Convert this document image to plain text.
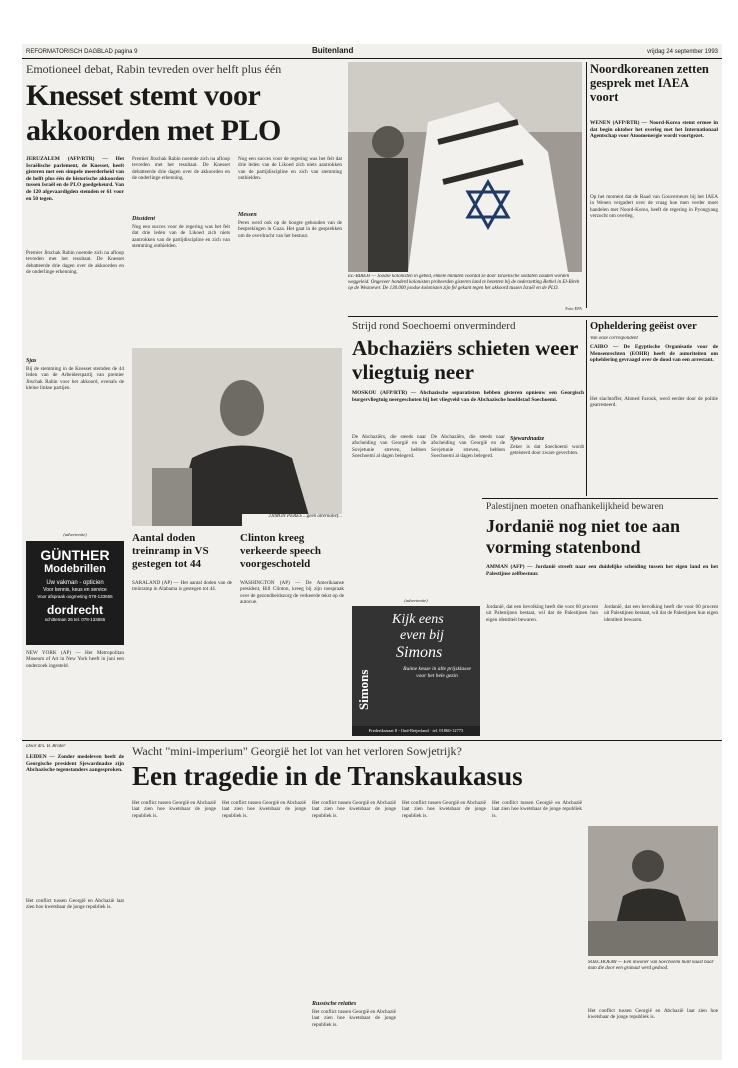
REFORMATORISCH DAGBLAD pagina 9	Buitenland	vrijdag 24 september 1993
Emotioneel debat, Rabin tevreden over helft plus één
Knesset stemt voor akkoorden met PLO
JERUZALEM (AFP/RTR) — Het Israëlische parlement, de Knesset, heeft gisteren met een simpele meerderheid van de helft plus één de historische akkoorden tussen Israël en de PLO goedgekeurd. Van de 120 afgevaardigden stemden er 61 voor en 50 tegen.
Premier Jitschak Rabin noemde zich na afloop tevreden met het resultaat. De Knesset debatteerde drie dagen over de akkoorden en de onderlinge erkenning.
Sjas
Bij de stemming in de Knesset stemden de 44 leden van de Arbeiderspartij van premier Jitschak Rabin voor het akkoord, evenals de kleine linkse partijen.
Premier Jitschak Rabin noemde zich na afloop tevreden met het resultaat. De Knesset debatteerde drie dagen over de akkoorden en de onderlinge erkenning.
Dissident
Nog een succes voor de regering was het feit dat drie leden van de Likoed zich niets aantrokken van de partijdiscipline en zich van stemming onthielden.
Nog een succes voor de regering was het feit dat drie leden van de Likoed zich niets aantrokken van de partijdiscipline en zich van stemming onthielden.
Messen
Peres werd ook op de hoogte gehouden van de besprekingen in Gaza. Het gaat in de gesprekken om de overdracht van het bestuur.
JJIMON PERES ...geen alternatief...
EL-BIREH — Joodse kolonisten in gebed, enkele minuten voordat ze door Israëlische soldaten zouden worden weggeleid. Ongeveer honderd kolonisten probeerden gisteren land te bezetten bij de nederzetting Bethel in El-Bireh op de Westoever. De 130.000 joodse kolonisten zijn fel gekant tegen het akkoord tussen Israël en de PLO.
Foto: EPA
Noordkoreanen zetten gesprek met IAEA voort
WENEN (AFP/RTR) — Noord-Korea stemt ermee in dat begin oktober het overleg met het Internationaal Agentschap voor Atoomenergie wordt voortgezet.
Op het moment dat de Raad van Gouverneurs bij het IAEA in Wenen vergadert over de vraag hoe men verder moet handelen met Noord-Korea, heeft de regering in Pyongyang verzocht om overleg.
Strijd rond Soechoemi onverminderd
Abchaziërs schieten weer vliegtuig neer
MOSKOU (AFP/RTR) — Abchazische separatisten hebben gisteren opnieuw een Georgisch burgervliegtuig neergeschoten bij het vliegveld van de Abchazische hoofdstad Soechoemi.
De Abchaziërs, die steeds naar afscheiding van Georgië en de Sovjetunie streven, hebben Soechoemi al dagen belegerd.
De Abchaziërs, die steeds naar afscheiding van Georgië en de Sovjetunie streven, hebben Soechoemi al dagen belegerd.
Sjewardnadze
Zeker is dat Soechoemi wordt geteisterd door zware gevechten.
Opheldering geëist over
Van onze correspondent
CAIRO — De Egyptische Organisatie voor de Mensenrechten (EOHR) heeft de autoriteiten om opheldering gevraagd over de dood van een arrestant.
Het slachtoffer, Ahmed Farouk, werd eerder door de politie gearresteerd.
Palestijnen moeten onafhankelijkheid bewaren
Jordanië nog niet toe aan vorming statenbond
AMMAN (AFP) — Jordanië streeft naar een duidelijke scheiding tussen het eigen land en het Palestijnse zelfbestuur.
Jordanië, dat een bevolking heeft die voor 60 procent uit Palestijnen bestaat, wil dat de Palestijnen hun eigen identiteit bewaren.
Jordanië, dat een bevolking heeft die voor 60 procent uit Palestijnen bestaat, wil dat de Palestijnen hun eigen identiteit bewaren.
(advertentie)
GÜNTHER
Modebrillen
Uw vakman - opticien
Voor kennis, keus en service
Voor afspraak oogmeting 078-133655
dordrecht
schitteman 26 tel. 078-133655
NEW YORK (AP) — Het Metropolitan Museum of Art in New York heeft in juni een onderzoek ingesteld.
Aantal doden treinramp in VS gestegen tot 44
SARALAND (AP) — Het aantal doden van de treinramp in Alabama is gestegen tot 44.
Clinton kreeg verkeerde speech voorgeschoteld
WASHINGTON (AP) — De Amerikaanse president, Bill Clinton, kreeg bij zijn toespraak over de gezondheidszorg de verkeerde tekst op de autocue.	(advertentie)
Simons
Kijk eens
even bij
Simons
Ruime keuze in alle prijsklasse voor het hele gezin
Frederikstraat 8 - Oud-Beijerland · tel. 01860-12773
Door drs. B. Brider
LEIDEN — Zonder medeleven heeft de Georgische president Sjewardnadze zijn Abchazische tegenstanders aangesproken.
Het conflict tussen Georgië en Abchazië laat zien hoe kwetsbaar de jonge republiek is.
Wacht "mini-imperium" Georgië het lot van het verloren Sowjetrijk?
Een tragedie in de Transkaukasus
Het conflict tussen Georgië en Abchazië laat zien hoe kwetsbaar de jonge republiek is.
Het conflict tussen Georgië en Abchazië laat zien hoe kwetsbaar de jonge republiek is.
Het conflict tussen Georgië en Abchazië laat zien hoe kwetsbaar de jonge republiek is.
Russische relaties
Het conflict tussen Georgië en Abchazië laat zien hoe kwetsbaar de jonge republiek is.
Het conflict tussen Georgië en Abchazië laat zien hoe kwetsbaar de jonge republiek is.
Het conflict tussen Georgië en Abchazië laat zien hoe kwetsbaar de jonge republiek is.
SOECHOEMI — Een inwoner van Soechoemi huilt naast haar man die door een granaat werd gedood.
Het conflict tussen Georgië en Abchazië laat zien hoe kwetsbaar de jonge republiek is.
